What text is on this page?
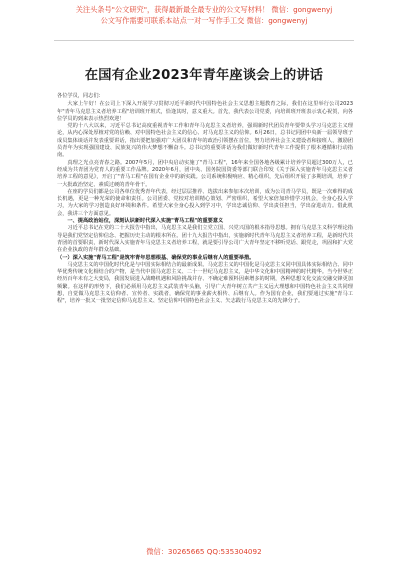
关注头条号"公文研究"，获得最新最全最专业的公文写材料！ 微信：gongwenyj
公文写作需要可联系本站点一对一写作手工交 微信：gongwenyj
在国有企业2023年青年座谈会上的讲话

各位学员，同志们：

大家上午好！在公司上下深入开展学习贯彻习近平新时代中国特色社会主义思想主题教育之际，我们在这里举行公司2023年"青年马克思主义者培养工程"培训班开班式，恰逢其时，意义重大。首先，我代表公司党委，向培训班开班表示衷心祝贺，向各位学员的到来表示热烈欢迎！

党的十八大以来，习近平总书记高度重视青年工作和青年马克思主义者培养，强调新时代团员青年要带头学习马克思主义理论，从内心深处厚植对党的信赖、对中国特色社会主义的信心、对马克思主义的信仰。6月26日，总书记同团中央新一届领导班子成员集体谈话并发表重要讲话，指出要把加强对广大团员和青年的政治引领摆在首位，努力培养社会主义建设者和接班人，激励团员青年为实现强国建设、民族复兴的伟大梦想不懈奋斗。总书记的重要讲话为我们做好新时代青年工作提供了根本遵循和行动指南。

真理之光点亮青春之路。2007年5月，团中央启动实施了"青马工程"，16年来全国各地各级累计培养学员超过300万人，已经成为共青团为党育人的重要工作品牌。2020年6月，团中央、国务院国资委等部门联合印发《关于深入实施青年马克思主义者培养工程的意见》，开启了"青马工程"在国有企业中的新实践。公司系统积极响应、精心组织，先后组织开展了多期培训，培养了一大批政治坚定、素质过硬的青年骨干。

在座的学员们都是公司各单位优秀青年代表，经过层层推荐、选拔出来参加本次培训，成为公司青马学员，既是一次难得的成长机遇，更是一种光荣的使命和责任。公司团委、党校对培训精心策划、严密组织，希望大家倍加珍惜学习机会，全身心投入学习，为大家的学习创造良好环境和条件。希望大家全身心投入到学习中，学出忠诚信仰、学出责任担当，学出奋进动力。借此机会，我讲三个方面意见。

一、提高政治站位，深刻认识新时代深入实施"青马工程"的重要意义

习近平总书记在党的二十大报告中指出，马克思主义是我们立党立国、兴党兴国的根本指导思想。拥有马克思主义科学理论指导是我们党坚定信仰信念、把握历史主动的根本所在。团十九大报告中指出，实施新时代青年马克思主义者培养工程，是新时代共青团的首要职责，新时代深入实施青年马克思主义者培养工程，就是要引导公司广大青年坚定不移听党话、跟党走，巩固和扩大党在企业执政的青年群众基础。

（一）深入实施"青马工程"是筑牢青年思想根基、确保党的事业后继有人的重要举措。

马克思主义的中国化时代化是与中国实际相结合的最新成果。马克思主义的中国化是马克思主义同中国具体实际相结合、同中华优秀传统文化相结合的产物，是当代中国马克思主义、二十一世纪马克思主义，是中华文化和中国精神的时代精华。当今世界正经历百年未有之大变局，我国发展进入战略机遇和风险挑战并存、不确定难预料因素增多的时期，各种思想文化交流交融交锋更加频繁。在这样的形势下，我们必须用马克思主义武装青年头脑，引导广大青年树立共产主义远大理想和中国特色社会主义共同理想，自觉做马克思主义信仰者、宣传者、实践者，确保党的事业薪火相传、后继有人。作为国有企业，我们要通过实施"青马工程"，培养一批又一批坚定信仰马克思主义、坚定信仰中国特色社会主义、矢志践行马克思主义的先锋分子。

微信：30265665 QQ:535304092
